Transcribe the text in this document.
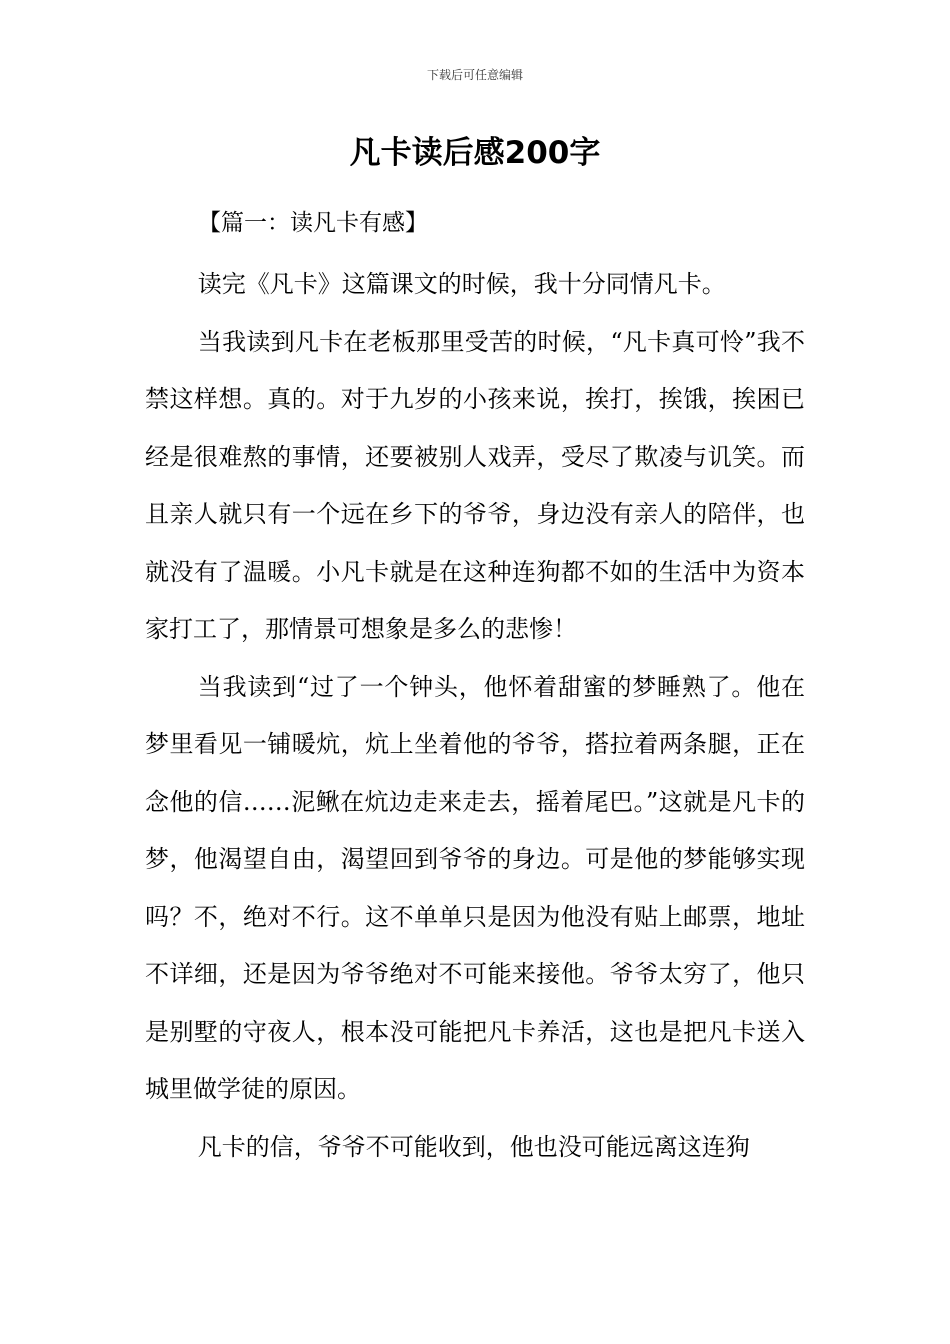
下载后可任意编辑
凡卡读后感200字
【篇一：读凡卡有感】

读完《凡卡》这篇课文的时候，我十分同情凡卡。

当我读到凡卡在老板那里受苦的时候，“凡卡真可怜”我不禁这样想。真的。对于九岁的小孩来说，挨打，挨饿，挨困已经是很难熬的事情，还要被别人戏弄，受尽了欺凌与讥笑。而且亲人就只有一个远在乡下的爷爷，身边没有亲人的陪伴，也就没有了温暖。小凡卡就是在这种连狗都不如的生活中为资本家打工了，那情景可想象是多么的悲惨！

当我读到“过了一个钟头，他怀着甜蜜的梦睡熟了。他在梦里看见一铺暖炕，炕上坐着他的爷爷，搭拉着两条腿，正在念他的信……泥鳅在炕边走来走去，摇着尾巴。”这就是凡卡的梦，他渴望自由，渴望回到爷爷的身边。可是他的梦能够实现吗？不，绝对不行。这不单单只是因为他没有贴上邮票，地址不详细，还是因为爷爷绝对不可能来接他。爷爷太穷了，他只是别墅的守夜人，根本没可能把凡卡养活，这也是把凡卡送入城里做学徒的原因。

凡卡的信，爷爷不可能收到，他也没可能远离这连狗
